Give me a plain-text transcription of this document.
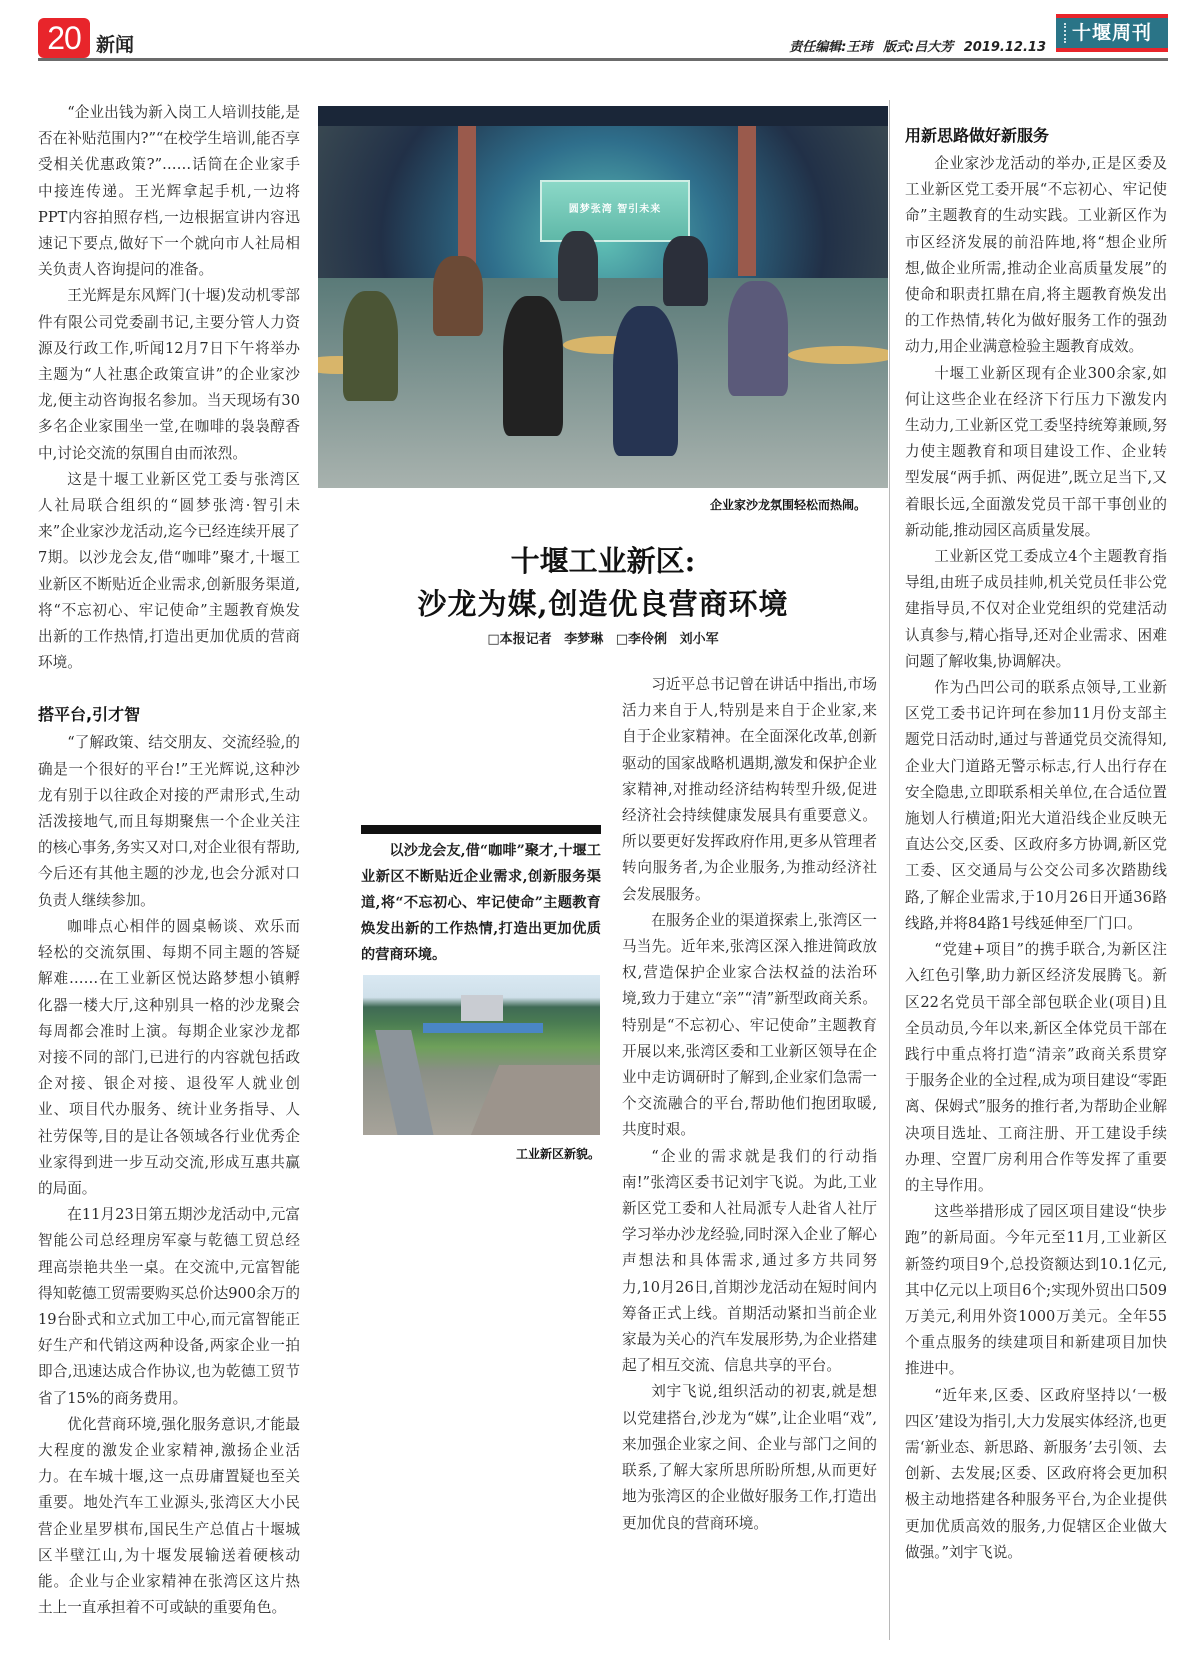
20 新闻	责任编辑:王玮 版式:吕大芳 2019.12.13
十堰周刊

“企业出钱为新入岗工人培训技能,是否在补贴范围内?”“在校学生培训,能否享受相关优惠政策?”……话筒在企业家手中接连传递。王光辉拿起手机,一边将PPT内容拍照存档,一边根据宣讲内容迅速记下要点,做好下一个就向市人社局相关负责人咨询提问的准备。

王光辉是东风辉门(十堰)发动机零部件有限公司党委副书记,主要分管人力资源及行政工作,听闻12月7日下午将举办主题为“人社惠企政策宣讲”的企业家沙龙,便主动咨询报名参加。当天现场有30多名企业家围坐一堂,在咖啡的袅袅醇香中,讨论交流的氛围自由而浓烈。

这是十堰工业新区党工委与张湾区人社局联合组织的“圆梦张湾·智引未来”企业家沙龙活动,迄今已经连续开展了7期。以沙龙会友,借“咖啡”聚才,十堰工业新区不断贴近企业需求,创新服务渠道,将“不忘初心、牢记使命”主题教育焕发出新的工作热情,打造出更加优质的营商环境。

搭平台,引才智

“了解政策、结交朋友、交流经验,的确是一个很好的平台!”王光辉说,这种沙龙有别于以往政企对接的严肃形式,生动活泼接地气,而且每期聚焦一个企业关注的核心事务,务实又对口,对企业很有帮助,今后还有其他主题的沙龙,也会分派对口负责人继续参加。

咖啡点心相伴的圆桌畅谈、欢乐而轻松的交流氛围、每期不同主题的答疑解难……在工业新区悦达路梦想小镇孵化器一楼大厅,这种别具一格的沙龙聚会每周都会准时上演。每期企业家沙龙都对接不同的部门,已进行的内容就包括政企对接、银企对接、退役军人就业创业、项目代办服务、统计业务指导、人社劳保等,目的是让各领域各行业优秀企业家得到进一步互动交流,形成互惠共赢的局面。

在11月23日第五期沙龙活动中,元富智能公司总经理房军豪与乾德工贸总经理高崇艳共坐一桌。在交流中,元富智能得知乾德工贸需要购买总价达900余万的19台卧式和立式加工中心,而元富智能正好生产和代销这两种设备,两家企业一拍即合,迅速达成合作协议,也为乾德工贸节省了15%的商务费用。

优化营商环境,强化服务意识,才能最大程度的激发企业家精神,激扬企业活力。在车城十堰,这一点毋庸置疑也至关重要。地处汽车工业源头,张湾区大小民营企业星罗棋布,国民生产总值占十堰城区半壁江山,为十堰发展输送着硬核动能。企业与企业家精神在张湾区这片热土上一直承担着不可或缺的重要角色。

圆梦张湾 智引未来
企业家沙龙氛围轻松而热闹。
十堰工业新区:
沙龙为媒,创造优良营商环境
□本报记者 李梦琳 □李伶俐 刘小军
以沙龙会友,借“咖啡”聚才,十堰工业新区不断贴近企业需求,创新服务渠道,将“不忘初心、牢记使命”主题教育焕发出新的工作热情,打造出更加优质的营商环境。
工业新区新貌。

习近平总书记曾在讲话中指出,市场活力来自于人,特别是来自于企业家,来自于企业家精神。在全面深化改革,创新驱动的国家战略机遇期,激发和保护企业家精神,对推动经济结构转型升级,促进经济社会持续健康发展具有重要意义。所以要更好发挥政府作用,更多从管理者转向服务者,为企业服务,为推动经济社会发展服务。

在服务企业的渠道探索上,张湾区一马当先。近年来,张湾区深入推进简政放权,营造保护企业家合法权益的法治环境,致力于建立“亲”“清”新型政商关系。特别是“不忘初心、牢记使命”主题教育开展以来,张湾区委和工业新区领导在企业中走访调研时了解到,企业家们急需一个交流融合的平台,帮助他们抱团取暖,共度时艰。

“企业的需求就是我们的行动指南!”张湾区委书记刘宇飞说。为此,工业新区党工委和人社局派专人赴省人社厅学习举办沙龙经验,同时深入企业了解心声想法和具体需求,通过多方共同努力,10月26日,首期沙龙活动在短时间内筹备正式上线。首期活动紧扣当前企业家最为关心的汽车发展形势,为企业搭建起了相互交流、信息共享的平台。

刘宇飞说,组织活动的初衷,就是想以党建搭台,沙龙为“媒”,让企业唱“戏”,来加强企业家之间、企业与部门之间的联系,了解大家所思所盼所想,从而更好地为张湾区的企业做好服务工作,打造出更加优良的营商环境。

用新思路做好新服务

企业家沙龙活动的举办,正是区委及工业新区党工委开展“不忘初心、牢记使命”主题教育的生动实践。工业新区作为市区经济发展的前沿阵地,将“想企业所想,做企业所需,推动企业高质量发展”的使命和职责扛鼎在肩,将主题教育焕发出的工作热情,转化为做好服务工作的强劲动力,用企业满意检验主题教育成效。

十堰工业新区现有企业300余家,如何让这些企业在经济下行压力下激发内生动力,工业新区党工委坚持统筹兼顾,努力使主题教育和项目建设工作、企业转型发展“两手抓、两促进”,既立足当下,又着眼长远,全面激发党员干部干事创业的新动能,推动园区高质量发展。

工业新区党工委成立4个主题教育指导组,由班子成员挂帅,机关党员任非公党建指导员,不仅对企业党组织的党建活动认真参与,精心指导,还对企业需求、困难问题了解收集,协调解决。

作为凸凹公司的联系点领导,工业新区党工委书记许珂在参加11月份支部主题党日活动时,通过与普通党员交流得知,企业大门道路无警示标志,行人出行存在安全隐患,立即联系相关单位,在合适位置施划人行横道;阳光大道沿线企业反映无直达公交,区委、区政府多方协调,新区党工委、区交通局与公交公司多次踏勘线路,了解企业需求,于10月26日开通36路线路,并将84路1号线延伸至厂门口。

“党建+项目”的携手联合,为新区注入红色引擎,助力新区经济发展腾飞。新区22名党员干部全部包联企业(项目)且全员动员,今年以来,新区全体党员干部在践行中重点将打造“清亲”政商关系贯穿于服务企业的全过程,成为项目建设“零距离、保姆式”服务的推行者,为帮助企业解决项目选址、工商注册、开工建设手续办理、空置厂房利用合作等发挥了重要的主导作用。

这些举措形成了园区项目建设“快步跑”的新局面。今年元至11月,工业新区新签约项目9个,总投资额达到10.1亿元,其中亿元以上项目6个;实现外贸出口509万美元,利用外资1000万美元。全年55个重点服务的续建项目和新建项目加快推进中。

“近年来,区委、区政府坚持以‘一极四区’建设为指引,大力发展实体经济,也更需‘新业态、新思路、新服务’去引领、去创新、去发展;区委、区政府将会更加积极主动地搭建各种服务平台,为企业提供更加优质高效的服务,力促辖区企业做大做强。”刘宇飞说。
